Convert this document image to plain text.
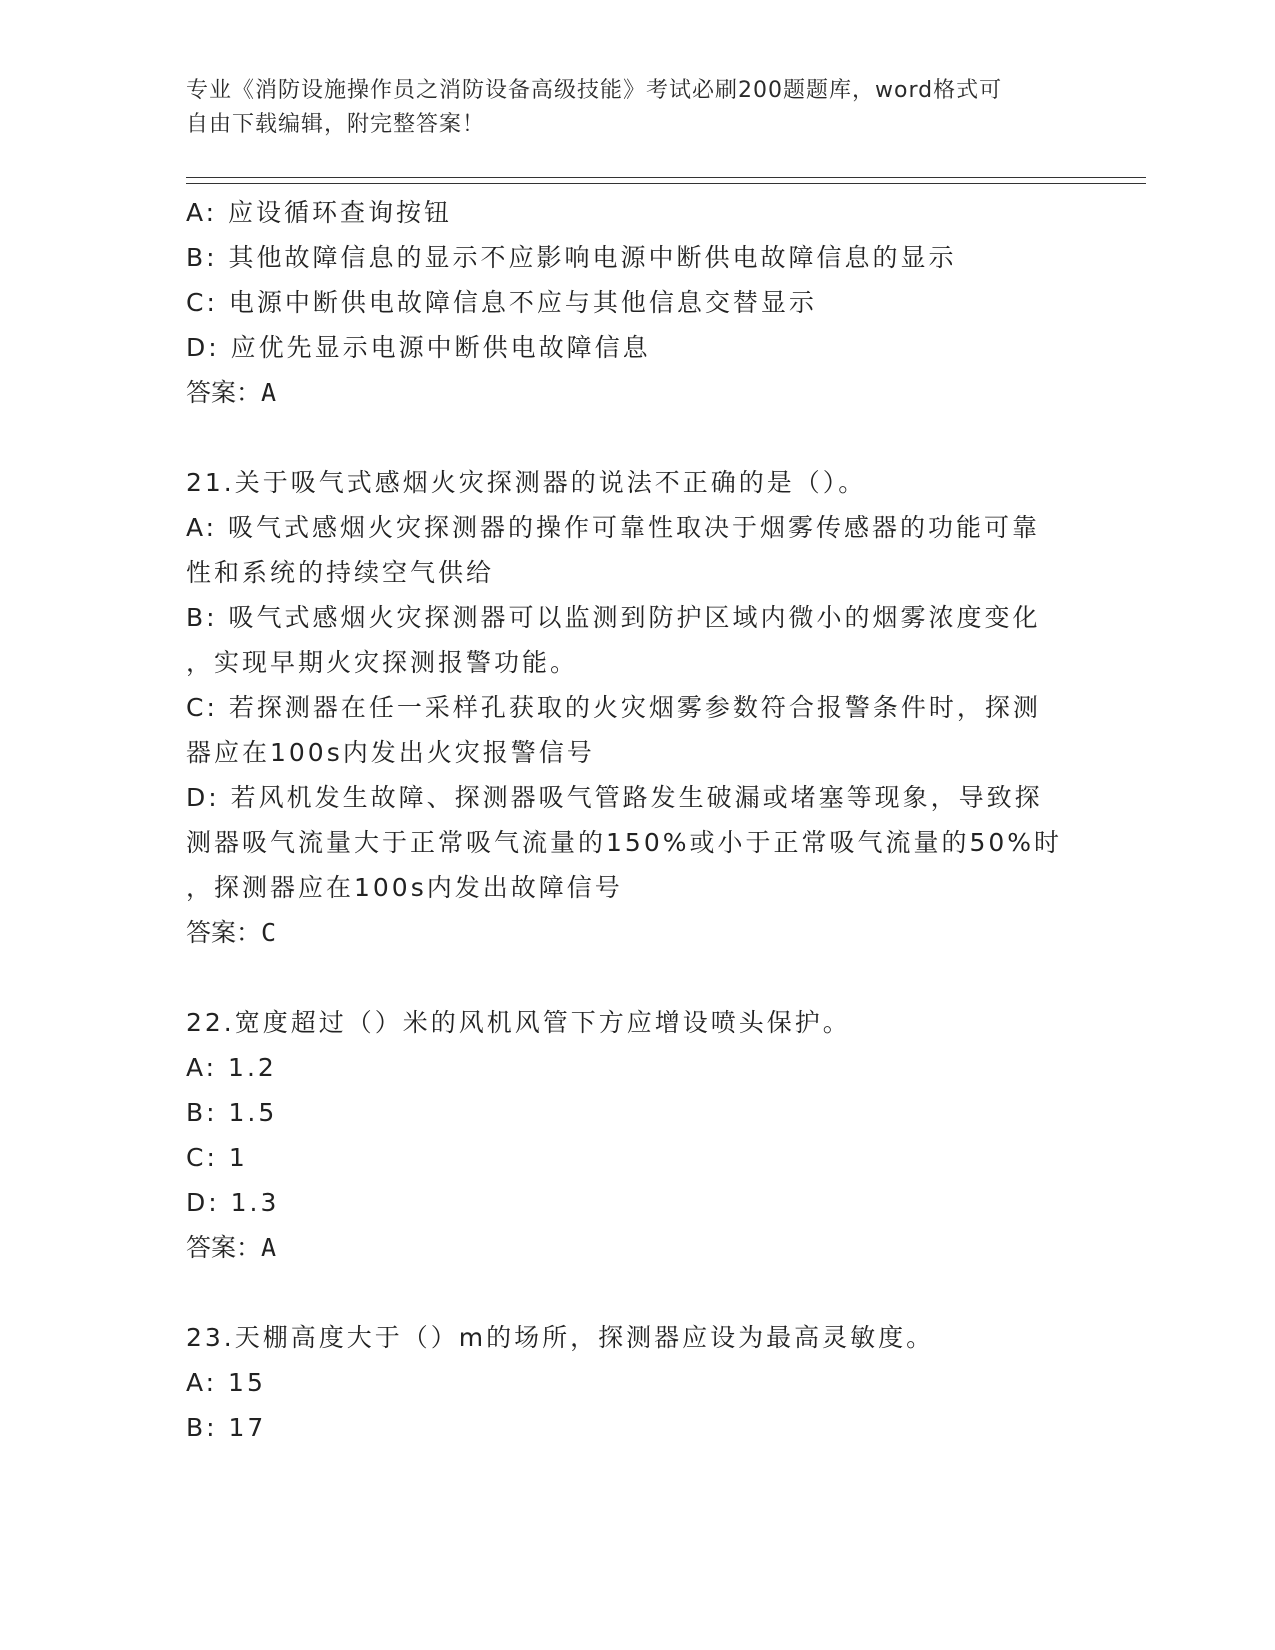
专业《消防设施操作员之消防设备高级技能》考试必刷200题题库，word格式可
自由下载编辑，附完整答案！
A: 应设循环查询按钮
B: 其他故障信息的显示不应影响电源中断供电故障信息的显示
C: 电源中断供电故障信息不应与其他信息交替显示
D: 应优先显示电源中断供电故障信息
答案：A
21.关于吸气式感烟火灾探测器的说法不正确的是（）。
A: 吸气式感烟火灾探测器的操作可靠性取决于烟雾传感器的功能可靠
性和系统的持续空气供给
B: 吸气式感烟火灾探测器可以监测到防护区域内微小的烟雾浓度变化
，实现早期火灾探测报警功能。
C: 若探测器在任一采样孔获取的火灾烟雾参数符合报警条件时，探测
器应在100s内发出火灾报警信号
D: 若风机发生故障、探测器吸气管路发生破漏或堵塞等现象，导致探
测器吸气流量大于正常吸气流量的150%或小于正常吸气流量的50%时
，探测器应在100s内发出故障信号
答案：C
22.宽度超过（）米的风机风管下方应增设喷头保护。
A: 1.2
B: 1.5
C: 1
D: 1.3
答案：A
23.天棚高度大于（）m的场所，探测器应设为最高灵敏度。
A: 15
B: 17
